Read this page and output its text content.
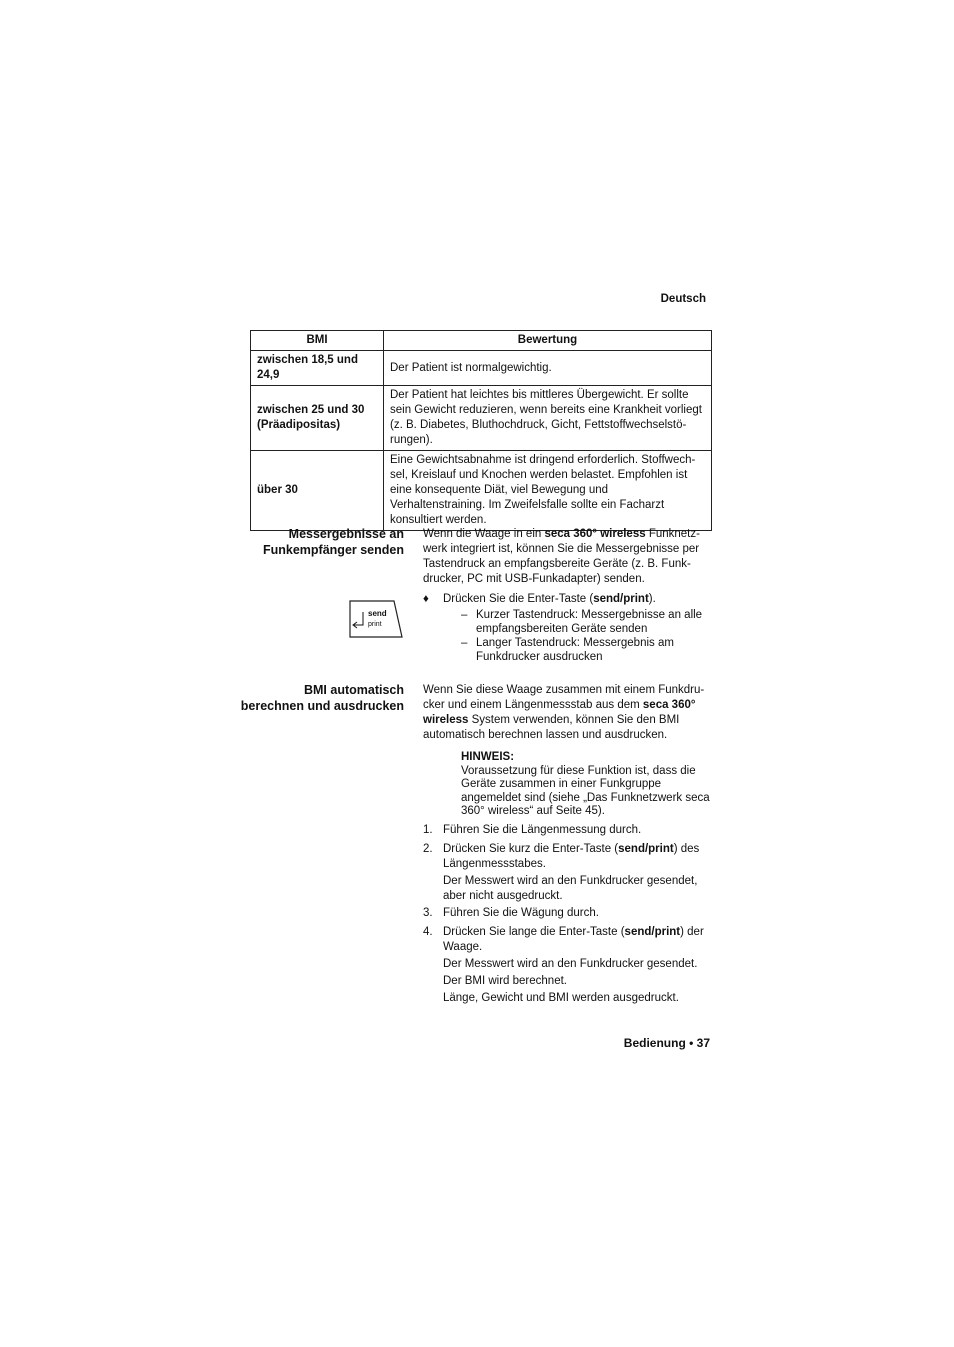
Deutsch
BMI	Bewertung
zwischen 18,5 und 24,9	Der Patient ist normalgewichtig.
zwischen 25 und 30 (Präadipositas)	Der Patient hat leichtes bis mittleres Übergewicht. Er sollte sein Gewicht reduzieren, wenn bereits eine Krankheit vorliegt (z. B. Diabetes, Bluthochdruck, Gicht, Fettstoffwechselstö-rungen).
über 30	Eine Gewichtsabnahme ist dringend erforderlich. Stoffwech-sel, Kreislauf und Knochen werden belastet. Empfohlen ist eine konsequente Diät, viel Bewegung und Verhaltenstraining. Im Zweifelsfalle sollte ein Facharzt konsultiert werden.
Messergebnisse an Funkempfänger senden
Wenn die Waage in ein seca 360° wireless Funknetz-werk integriert ist, können Sie die Messergebnisse per Tastendruck an empfangsbereite Geräte (z. B. Funk-drucker, PC mit USB-Funkadapter) senden.
♦ Drücken Sie die Enter-Taste (send/print).
– Kurzer Tastendruck: Messergebnisse an alle empfangsbereiten Geräte senden
– Langer Tastendruck: Messergebnis am Funkdrucker ausdrucken
send
print
BMI automatisch berechnen und ausdrucken
Wenn Sie diese Waage zusammen mit einem Funkdru-cker und einem Längenmessstab aus dem seca 360° wireless System verwenden, können Sie den BMI automatisch berechnen lassen und ausdrucken.
HINWEIS:
Voraussetzung für diese Funktion ist, dass die Geräte zusammen in einer Funkgruppe angemeldet sind (siehe „Das Funknetzwerk seca 360° wireless“ auf Seite 45).
1. Führen Sie die Längenmessung durch.
2. Drücken Sie kurz die Enter-Taste (send/print) des Längenmessstabes.
Der Messwert wird an den Funkdrucker gesendet, aber nicht ausgedruckt.
3. Führen Sie die Wägung durch.
4. Drücken Sie lange die Enter-Taste (send/print) der Waage.
Der Messwert wird an den Funkdrucker gesendet.
Der BMI wird berechnet.
Länge, Gewicht und BMI werden ausgedruckt.
Bedienung • 37
